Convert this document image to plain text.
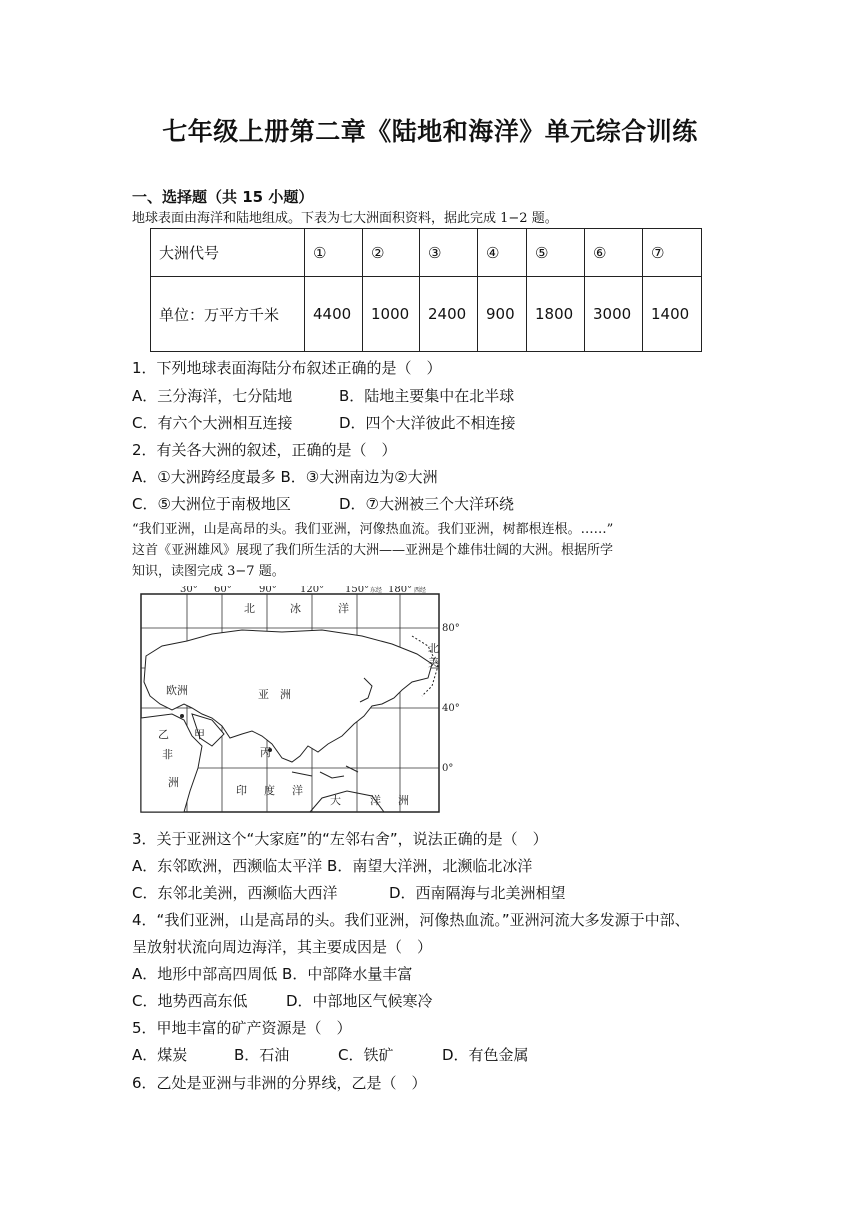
七年级上册第二章《陆地和海洋》单元综合训练
一、选择题（共 15 小题）
地球表面由海洋和陆地组成。下表为七大洲面积资料，据此完成 1−2 题。
大洲代号	①	②	③	④	⑤	⑥	⑦
单位：万平方千米	4400	1000	2400	900	1800	3000	1400
1．下列地球表面海陆分布叙述正确的是（　）
A．三分海洋，七分陆地	B．陆地主要集中在北半球
C．有六个大洲相互连接	D．四个大洋彼此不相连接
2．有关各大洲的叙述，正确的是（　）
A．①大洲跨经度最多 B．③大洲南边为②大洲
C．⑤大洲位于南极地区	D．⑦大洲被三个大洋环绕
“我们亚洲，山是高昂的头。我们亚洲，河像热血流。我们亚洲，树都根连根。……”
这首《亚洲雄风》展现了我们所生活的大洲——亚洲是个雄伟壮阔的大洲。根据所学
知识，读图完成 3−7 题。
30° 60°	90° 120° 150° 东经 180° 西经
80°
40°
0°
北	冰	洋
北
美
欧洲	亚　洲
甲
乙
非
洲
丙
印 度 洋
大	洋 洲
3．关于亚洲这个“大家庭”的“左邻右舍”，说法正确的是（　）
A．东邻欧洲，西濒临太平洋 B．南望大洋洲，北濒临北冰洋
C．东邻北美洲，西濒临大西洋	D．西南隔海与北美洲相望
4．“我们亚洲，山是高昂的头。我们亚洲，河像热血流。”亚洲河流大多发源于中部、
呈放射状流向周边海洋，其主要成因是（　）
A．地形中部高四周低 B．中部降水量丰富
C．地势西高东低	D．中部地区气候寒冷
5．甲地丰富的矿产资源是（　）
A．煤炭	B．石油	C．铁矿	D．有色金属
6．乙处是亚洲与非洲的分界线，乙是（　）
